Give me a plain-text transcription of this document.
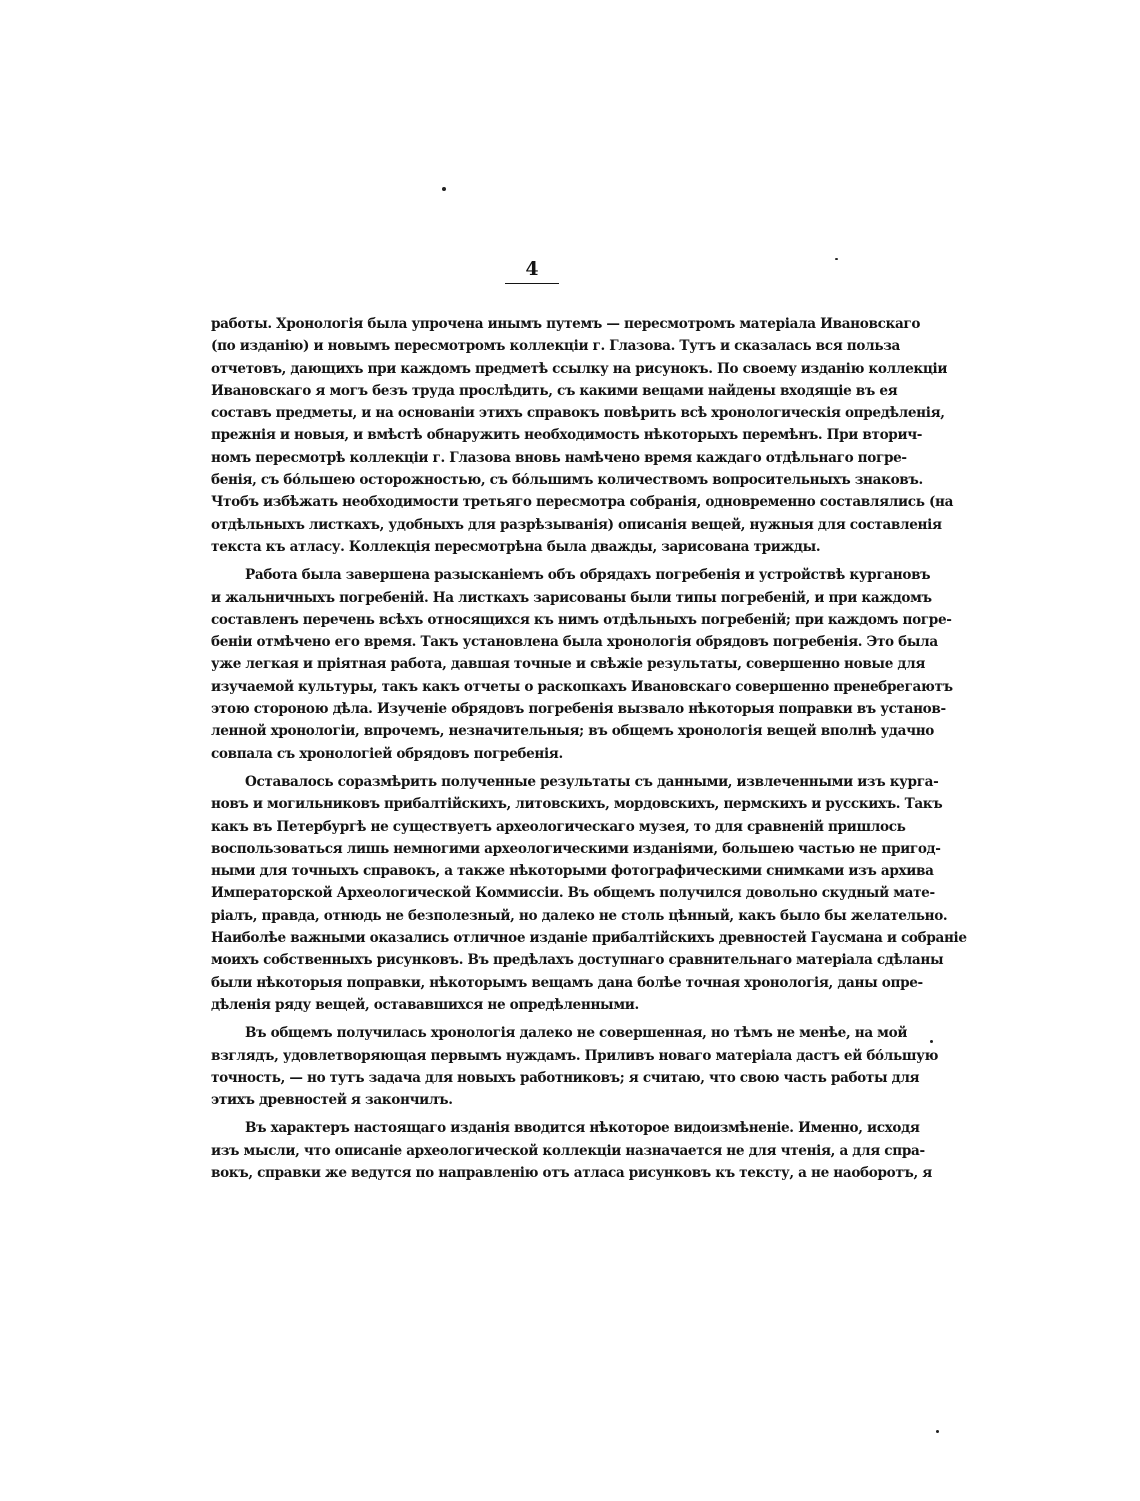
4

работы. Хронологія была упрочена инымъ путемъ — пересмотромъ матеріала Ивановскаго
(по изданію) и новымъ пересмотромъ коллекціи г. Глазова. Тутъ и сказалась вся польза
отчетовъ, дающихъ при каждомъ предметѣ ссылку на рисунокъ. По своему изданію коллекціи
Ивановскаго я могъ безъ труда прослѣдить, съ какими вещами найдены входящіе въ ея
составъ предметы, и на основаніи этихъ справокъ повѣрить всѣ хронологическія опредѣленія,
прежнія и новыя, и вмѣстѣ обнаружить необходимость нѣкоторыхъ перемѣнъ. При вторич-
номъ пересмотрѣ коллекціи г. Глазова вновь намѣчено время каждаго отдѣльнаго погре-
бенія, съ бо́льшею осторожностью, съ бо́льшимъ количествомъ вопросительныхъ знаковъ.
Чтобъ избѣжать необходимости третьяго пересмотра собранія, одновременно составлялись (на
отдѣльныхъ листкахъ, удобныхъ для разрѣзыванія) описанія вещей, нужныя для составленія
текста къ атласу. Коллекція пересмотрѣна была дважды, зарисована трижды.

Работа была завершена разысканіемъ объ обрядахъ погребенія и устройствѣ кургановъ
и жальничныхъ погребеній. На листкахъ зарисованы были типы погребеній, и при каждомъ
составленъ перечень всѣхъ относящихся къ нимъ отдѣльныхъ погребеній; при каждомъ погре-
беніи отмѣчено его время. Такъ установлена была хронологія обрядовъ погребенія. Это была
уже легкая и пріятная работа, давшая точные и свѣжіе результаты, совершенно новые для
изучаемой культуры, такъ какъ отчеты о раскопкахъ Ивановскаго совершенно пренебрегаютъ
этою стороною дѣла. Изученіе обрядовъ погребенія вызвало нѣкоторыя поправки въ установ-
ленной хронологіи, впрочемъ, незначительныя; въ общемъ хронологія вещей вполнѣ удачно
совпала съ хронологіей обрядовъ погребенія.

Оставалось соразмѣрить полученные результаты съ данными, извлеченными изъ курга-
новъ и могильниковъ прибалтійскихъ, литовскихъ, мордовскихъ, пермскихъ и русскихъ. Такъ
какъ въ Петербургѣ не существуетъ археологическаго музея, то для сравненій пришлось
воспользоваться лишь немногими археологическими изданіями, большею частью не пригод-
ными для точныхъ справокъ, а также нѣкоторыми фотографическими снимками изъ архива
Императорской Археологической Коммиссіи. Въ общемъ получился довольно скудный мате-
ріалъ, правда, отнюдь не безполезный, но далеко не столь цѣнный, какъ было бы желательно.
Наиболѣе важными оказались отличное изданіе прибалтійскихъ древностей Гаусмана и собраніе
моихъ собственныхъ рисунковъ. Въ предѣлахъ доступнаго сравнительнаго матеріала сдѣланы
были нѣкоторыя поправки, нѣкоторымъ вещамъ дана болѣе точная хронологія, даны опре-
дѣленія ряду вещей, остававшихся не опредѣленными.

Въ общемъ получилась хронологія далеко не совершенная, но тѣмъ не менѣе, на мой
взглядъ, удовлетворяющая первымъ нуждамъ. Приливъ новаго матеріала дастъ ей бо́льшую
точность, — но тутъ задача для новыхъ работниковъ; я считаю, что свою часть работы для
этихъ древностей я закончилъ.

Въ характеръ настоящаго изданія вводится нѣкоторое видоизмѣненіе. Именно, исходя
изъ мысли, что описаніе археологической коллекціи назначается не для чтенія, а для спра-
вокъ, справки же ведутся по направленію отъ атласа рисунковъ къ тексту, а не наоборотъ, я
